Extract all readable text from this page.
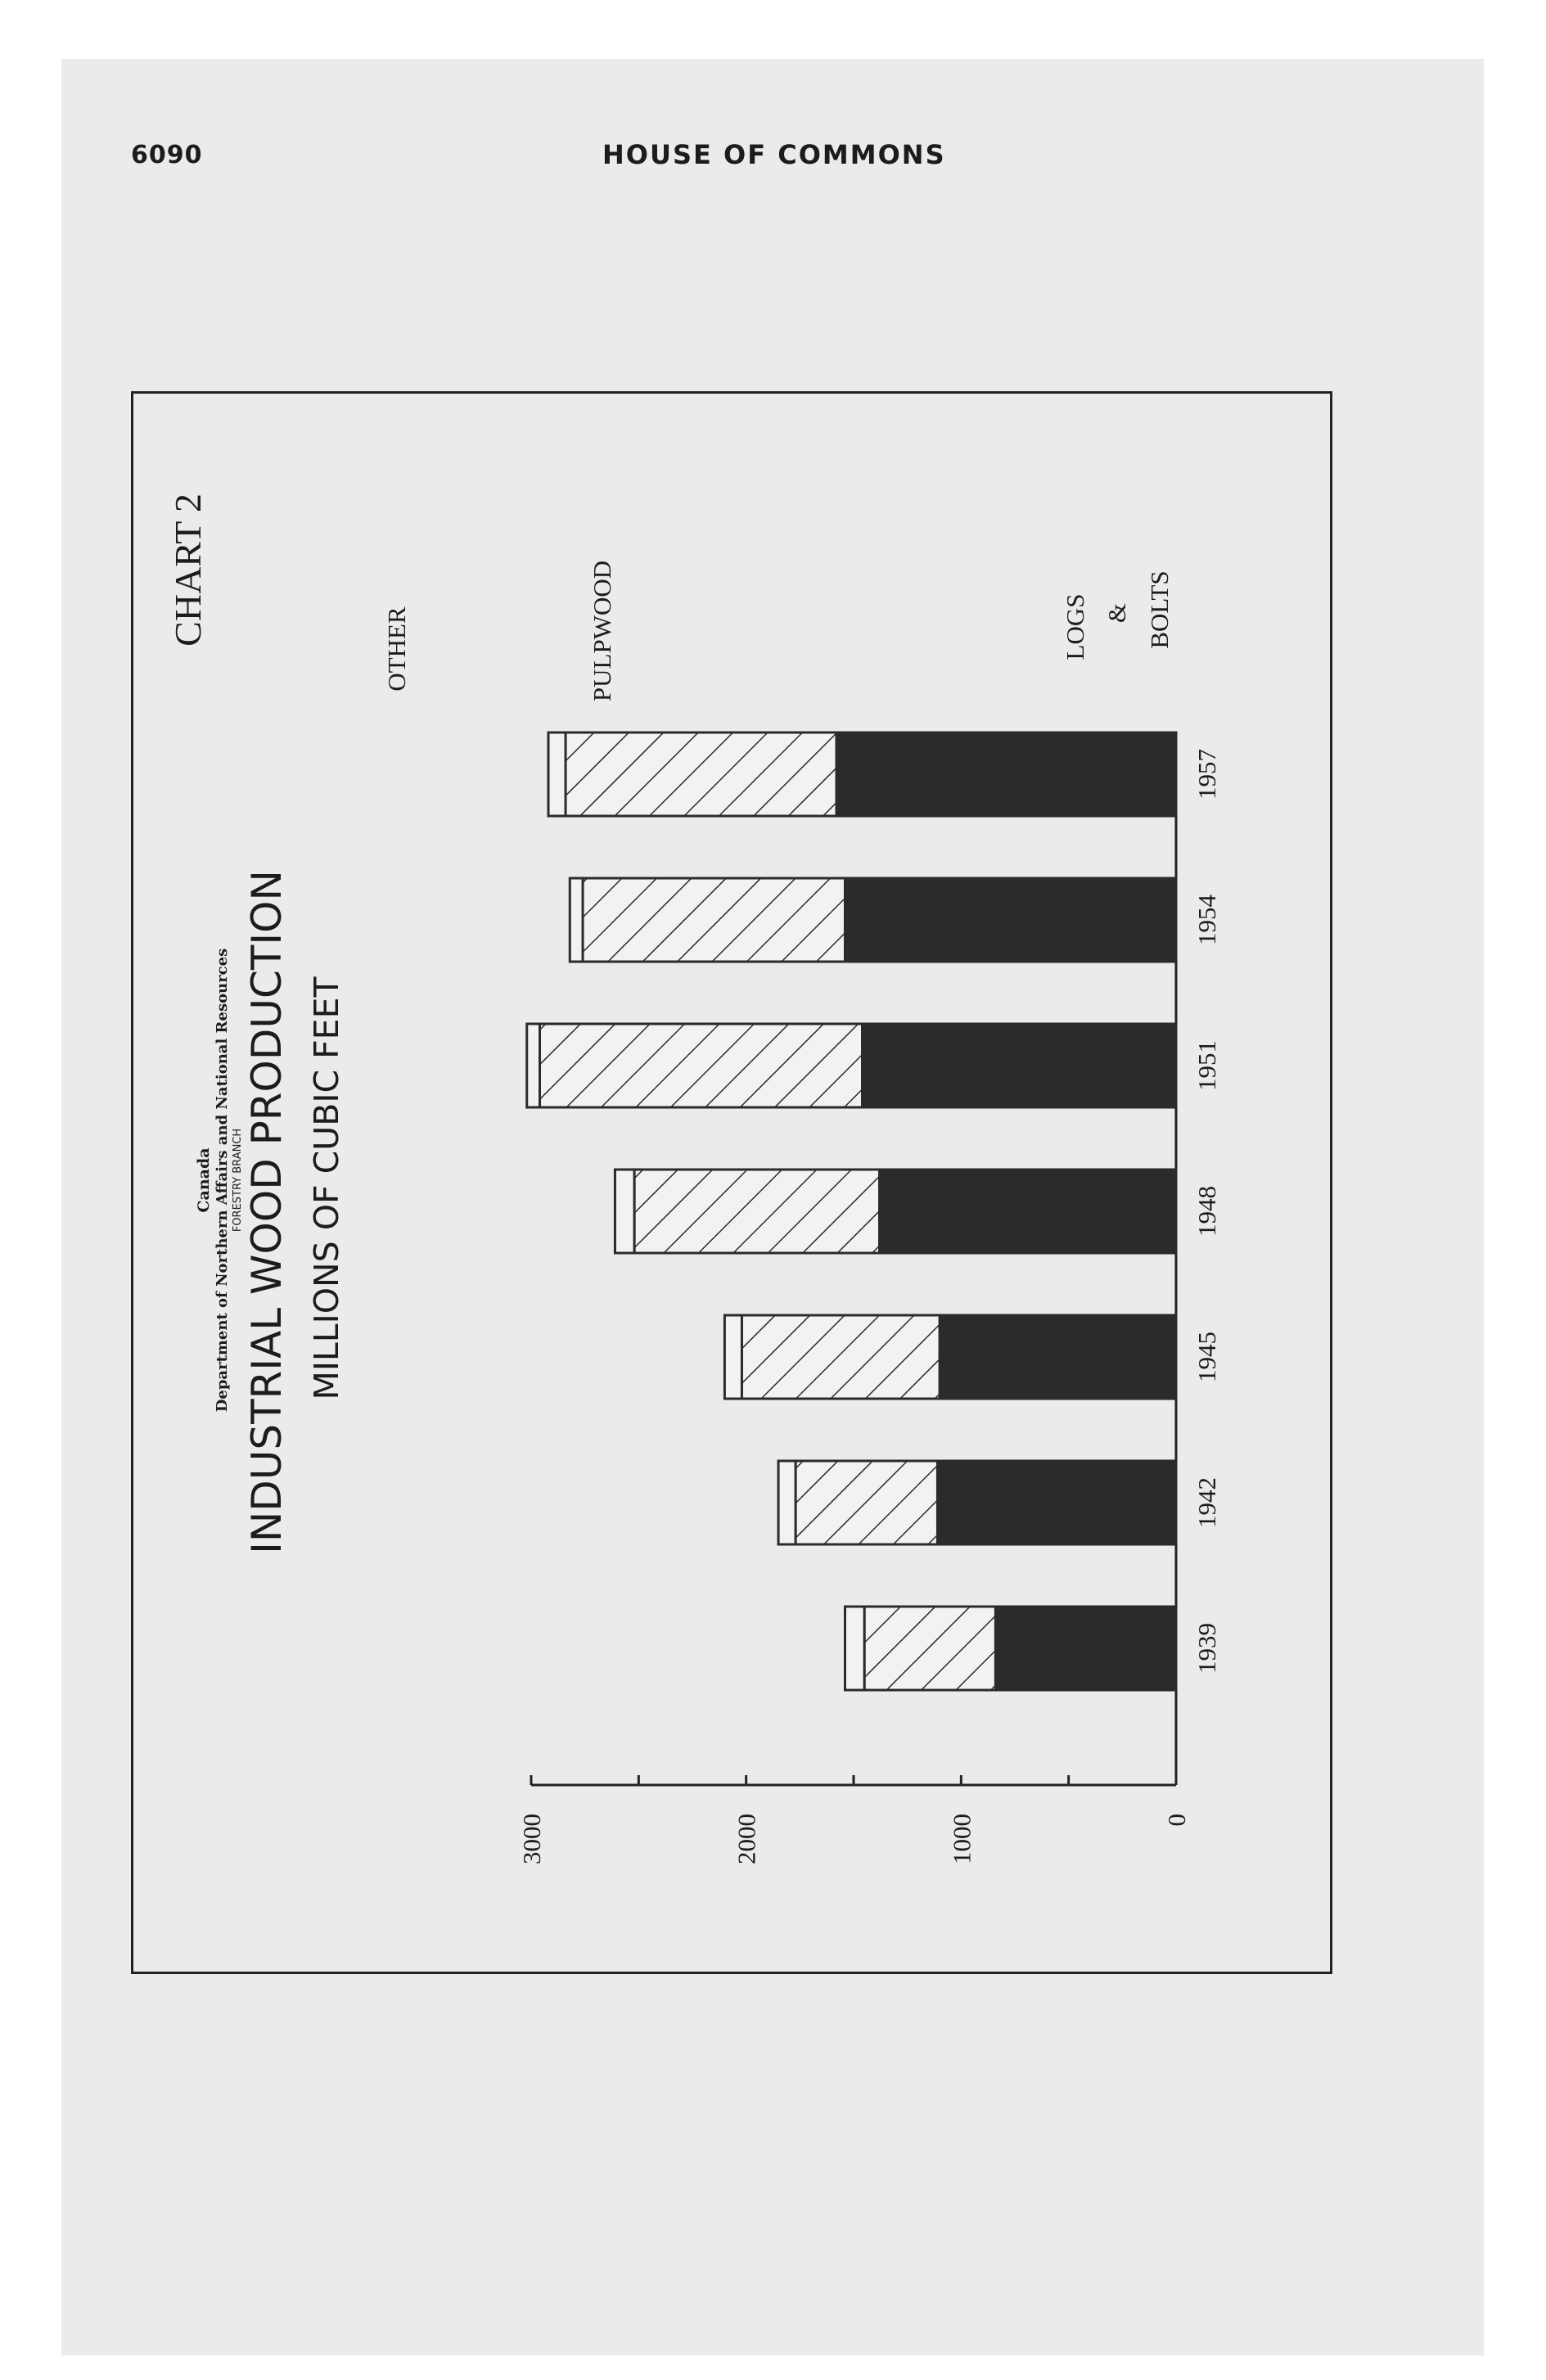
6090	HOUSE OF COMMONS
CHART 2
Canada Department of Northern Affairs and National Resources FORESTRY BRANCH INDUSTRIAL WOOD PRODUCTION MILLIONS OF CUBIC FEET
OTHER	PULPWOOD	LOGS & BOLTS
0
1000
2000
3000
1939
1942
1945
1948
1951
1954
1957
